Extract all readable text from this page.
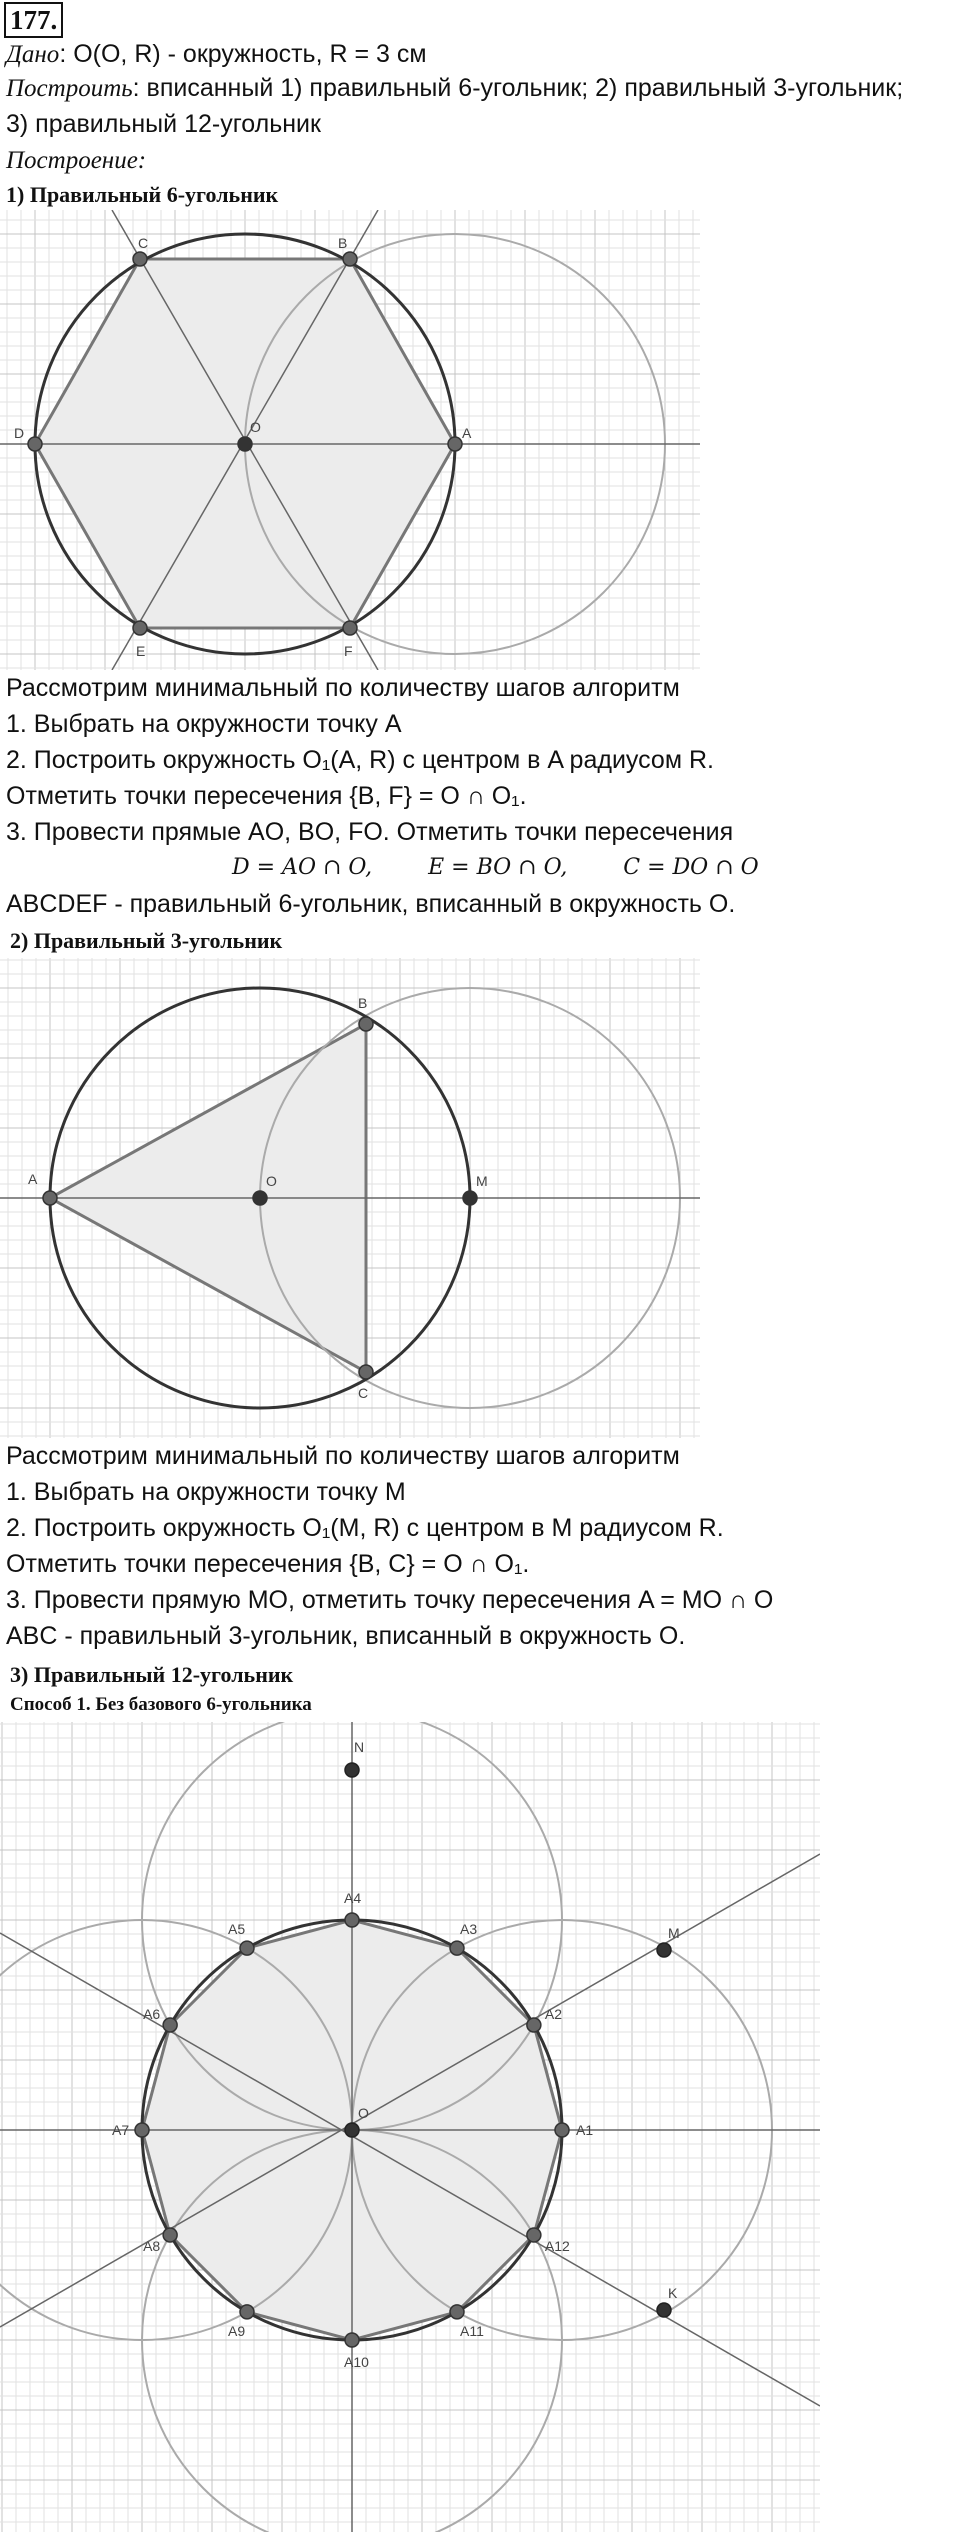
177.
Дано: O(O, R) - окружность, R = 3 см
Построить: вписанный 1) правильный 6-угольник; 2) правильный 3-угольник;
3) правильный 12-угольник
Построение:
1) Правильный 6-угольник
A
B
C
D
E	F
O
Рассмотрим минимальный по количеству шагов алгоритм
1. Выбрать на окружности точку A
2. Построить окружность O₁(A, R) с центром в A радиусом R.
Отметить точки пересечения {B, F} = O ∩ O₁.
3. Провести прямые AO, BO, FO. Отметить точки пересечения
D = AO ∩ O,        E = BO ∩ O,        C = DO ∩ O
ABCDEF - правильный 6-угольник, вписанный в окружность O.
2) Правильный 3-угольник
A
B
C
O	M
Рассмотрим минимальный по количеству шагов алгоритм
1. Выбрать на окружности точку M
2. Построить окружность O₁(M, R) с центром в M радиусом R.
Отметить точки пересечения {B, C} = O ∩ O₁.
3. Провести прямую MO, отметить точку пересечения A = MO ∩ O
ABC - правильный 3-угольник, вписанный в окружность O.
3) Правильный 12-угольник
Способ 1. Без базового 6-угольника
O
N
M
K
A1
A2
A3
A4
A5
A6
A7
A8
A9
A10
A11
A12
